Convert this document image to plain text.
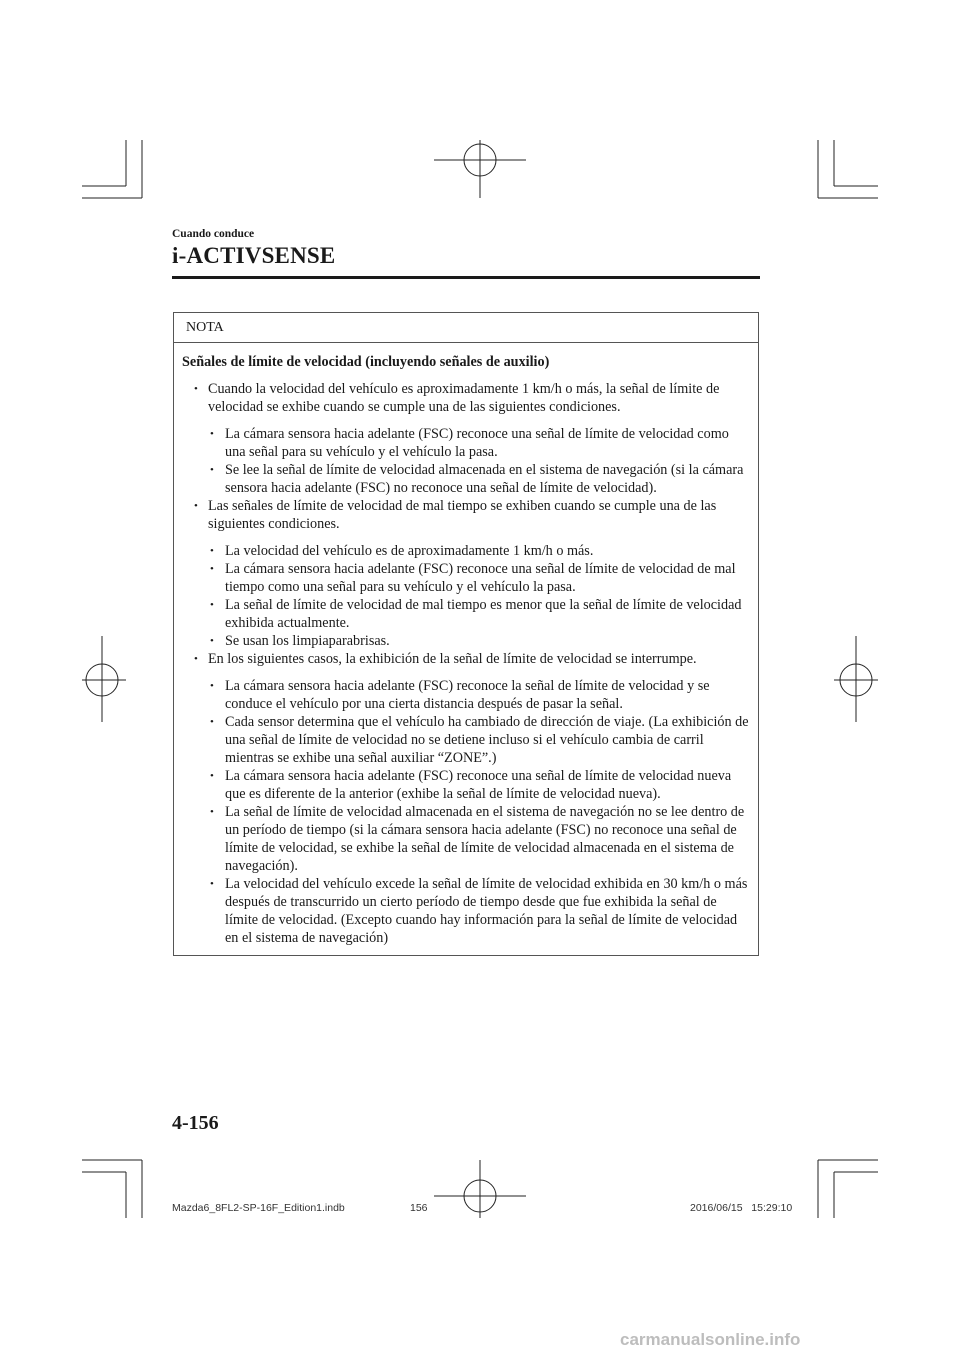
Cuando conduce
i-ACTIVSENSE
NOTA

Señales de límite de velocidad (incluyendo señales de auxilio)

• Cuando la velocidad del vehículo es aproximadamente 1 km/h o más, la señal de límite de velocidad se exhibe cuando se cumple una de las siguientes condiciones.
• La cámara sensora hacia adelante (FSC) reconoce una señal de límite de velocidad como una señal para su vehículo y el vehículo la pasa.
• Se lee la señal de límite de velocidad almacenada en el sistema de navegación (si la cámara sensora hacia adelante (FSC) no reconoce una señal de límite de velocidad).
• Las señales de límite de velocidad de mal tiempo se exhiben cuando se cumple una de las siguientes condiciones.
• La velocidad del vehículo es de aproximadamente 1 km/h o más.
• La cámara sensora hacia adelante (FSC) reconoce una señal de límite de velocidad de mal tiempo como una señal para su vehículo y el vehículo la pasa.
• La señal de límite de velocidad de mal tiempo es menor que la señal de límite de velocidad exhibida actualmente.
• Se usan los limpiaparabrisas.
• En los siguientes casos, la exhibición de la señal de límite de velocidad se interrumpe.
• La cámara sensora hacia adelante (FSC) reconoce la señal de límite de velocidad y se conduce el vehículo por una cierta distancia después de pasar la señal.
• Cada sensor determina que el vehículo ha cambiado de dirección de viaje. (La exhibición de una señal de límite de velocidad no se detiene incluso si el vehículo cambia de carril mientras se exhibe una señal auxiliar “ZONE”.)
• La cámara sensora hacia adelante (FSC) reconoce una señal de límite de velocidad nueva que es diferente de la anterior (exhibe la señal de límite de velocidad nueva).
• La señal de límite de velocidad almacenada en el sistema de navegación no se lee dentro de un período de tiempo (si la cámara sensora hacia adelante (FSC) no reconoce una señal de límite de velocidad, se exhibe la señal de límite de velocidad almacenada en el sistema de navegación).
• La velocidad del vehículo excede la señal de límite de velocidad exhibida en 30 km/h o más después de transcurrido un cierto período de tiempo desde que fue exhibida la señal de límite de velocidad. (Excepto cuando hay información para la señal de límite de velocidad en el sistema de navegación)
4-156
Mazda6_8FL2-SP-16F_Edition1.indb	156	2016/06/15   15:29:10
carmanualsonline.info
